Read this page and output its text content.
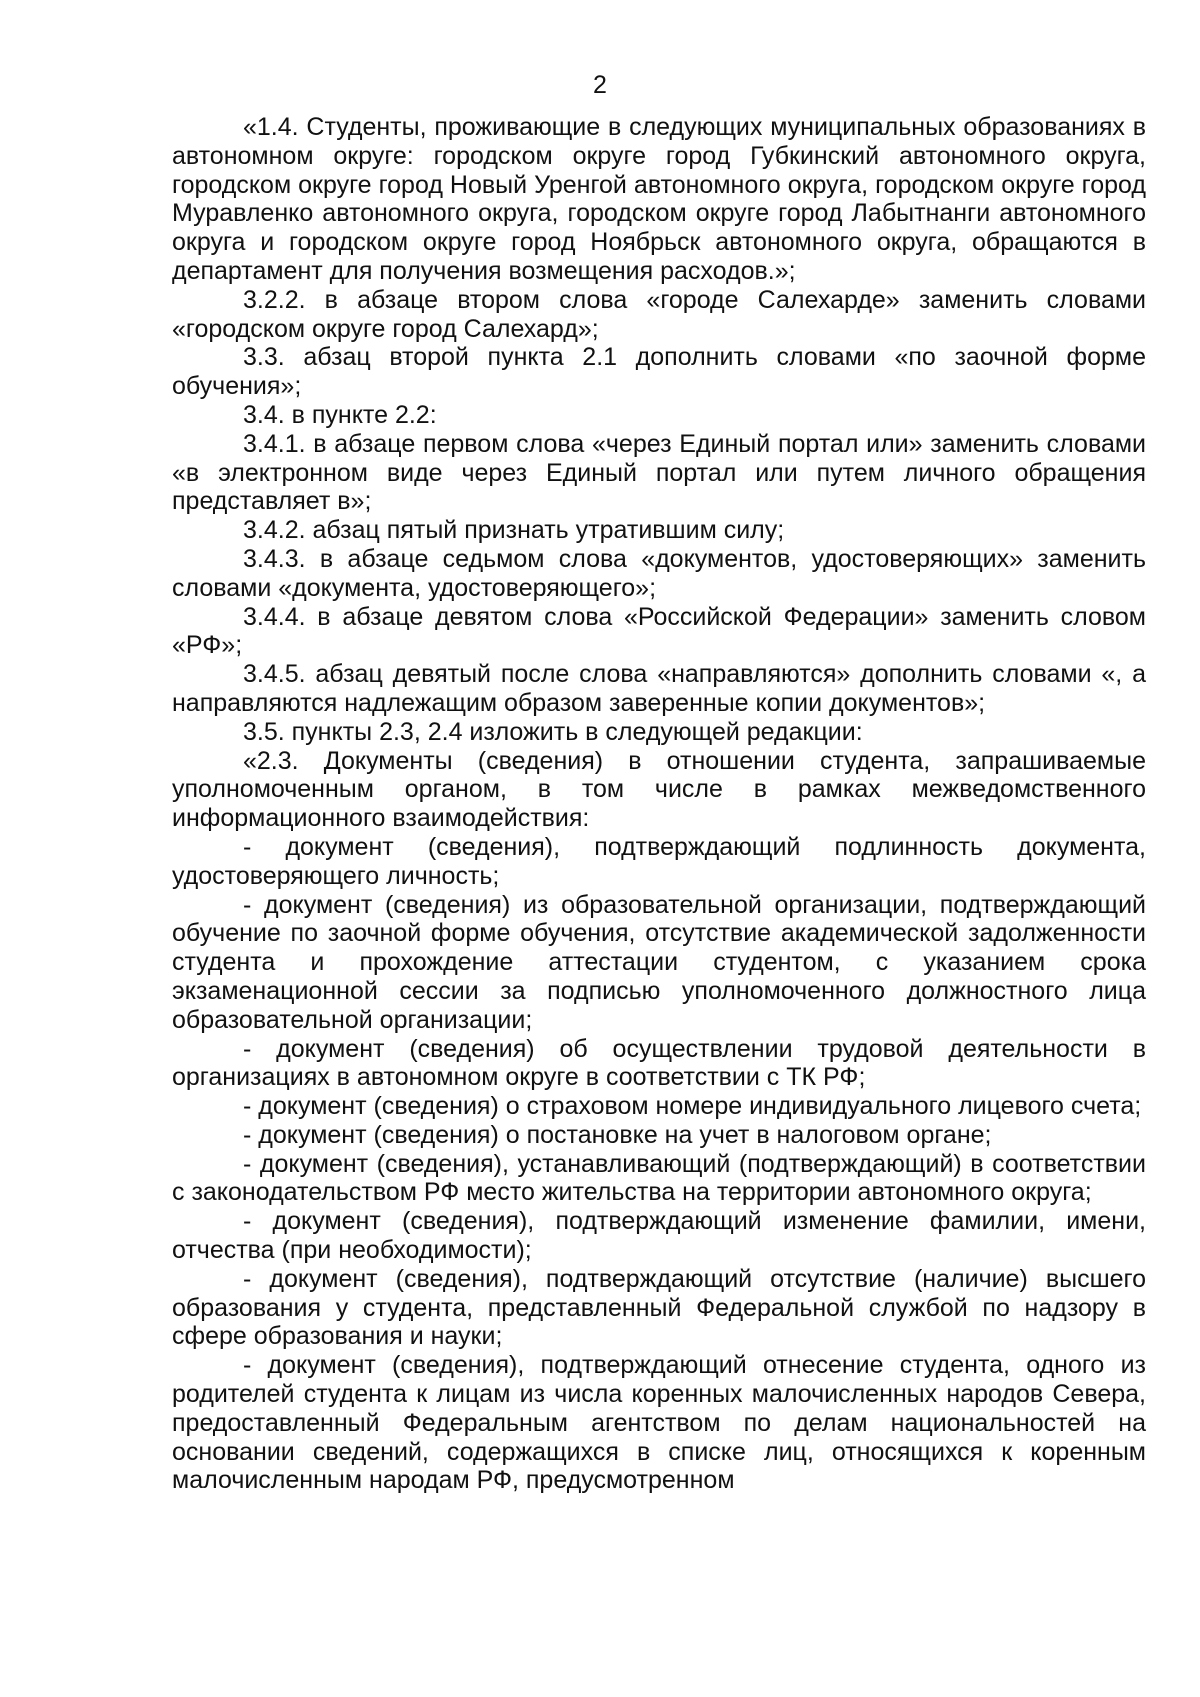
2

«1.4. Студенты, проживающие в следующих муниципальных образованиях в автономном округе: городском округе город Губкинский автономного округа, городском округе город Новый Уренгой автономного округа, городском округе город Муравленко автономного округа, городском округе город Лабытнанги автономного округа и городском округе город Ноябрьск автономного округа, обращаются в департамент для получения возмещения расходов.»;

3.2.2. в абзаце втором слова «городе Салехарде» заменить словами «городском округе город Салехард»;

3.3. абзац второй пункта 2.1 дополнить словами «по заочной форме обучения»;

3.4. в пункте 2.2:

3.4.1. в абзаце первом слова «через Единый портал или» заменить словами «в электронном виде через Единый портал или путем личного обращения представляет в»;

3.4.2. абзац пятый признать утратившим силу;

3.4.3. в абзаце седьмом слова «документов, удостоверяющих» заменить словами «документа, удостоверяющего»;

3.4.4. в абзаце девятом слова «Российской Федерации» заменить словом «РФ»;

3.4.5. абзац девятый после слова «направляются» дополнить словами «, а направляются надлежащим образом заверенные копии документов»;

3.5. пункты 2.3, 2.4 изложить в следующей редакции:

«2.3. Документы (сведения) в отношении студента, запрашиваемые уполномоченным органом, в том числе в рамках межведомственного информационного взаимодействия:

- документ (сведения), подтверждающий подлинность документа, удостоверяющего личность;

- документ (сведения) из образовательной организации, подтверждающий обучение по заочной форме обучения, отсутствие академической задолженности студента и прохождение аттестации студентом, с указанием срока экзаменационной сессии за подписью уполномоченного должностного лица образовательной организации;

- документ (сведения) об осуществлении трудовой деятельности в организациях в автономном округе в соответствии с ТК РФ;

- документ (сведения) о страховом номере индивидуального лицевого счета;

- документ (сведения) о постановке на учет в налоговом органе;

- документ (сведения), устанавливающий (подтверждающий) в соответствии с законодательством РФ место жительства на территории автономного округа;

- документ (сведения), подтверждающий изменение фамилии, имени, отчества (при необходимости);

- документ (сведения), подтверждающий отсутствие (наличие) высшего образования у студента, представленный Федеральной службой по надзору в сфере образования и науки;

- документ (сведения), подтверждающий отнесение студента, одного из родителей студента к лицам из числа коренных малочисленных народов Севера, предоставленный Федеральным агентством по делам национальностей на основании сведений, содержащихся в списке лиц, относящихся к коренным малочисленным народам РФ, предусмотренном
